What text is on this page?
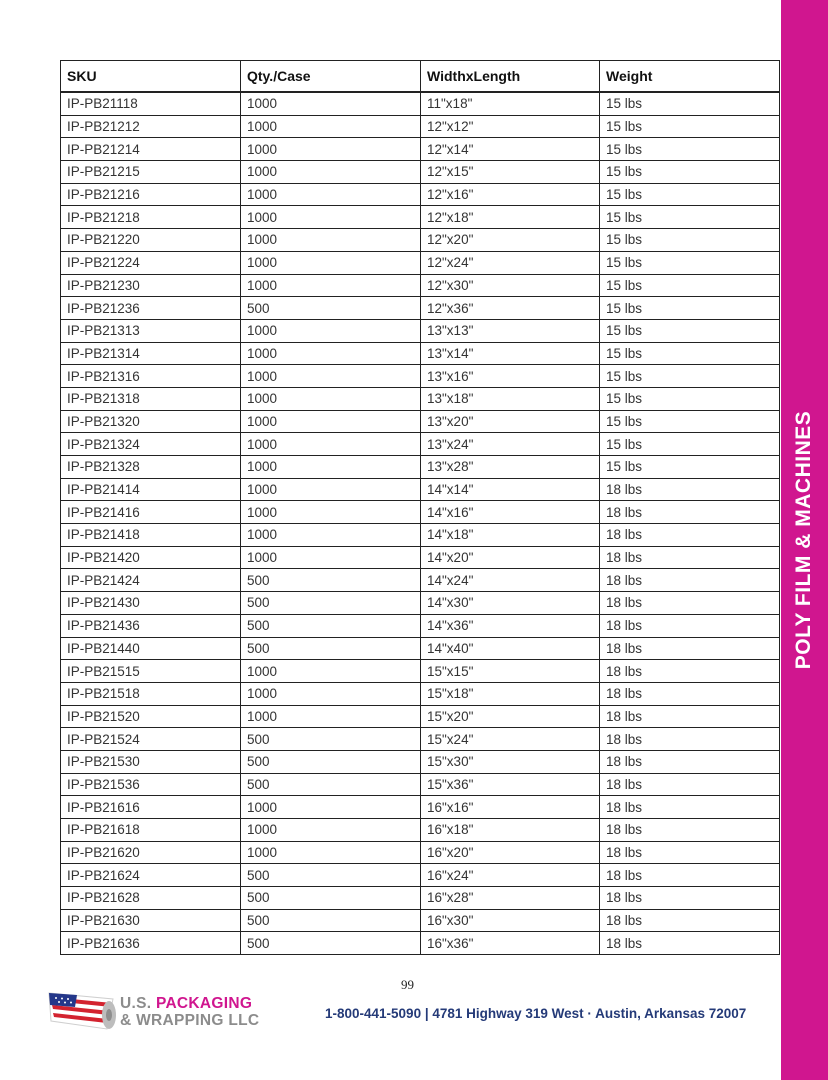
POLY FILM & MACHINES
SKU	Qty./Case	WidthxLength	Weight
IP-PB21118	1000	11"x18"	15 lbs
IP-PB21212	1000	12"x12"	15 lbs
IP-PB21214	1000	12"x14"	15 lbs
IP-PB21215	1000	12"x15"	15 lbs
IP-PB21216	1000	12"x16"	15 lbs
IP-PB21218	1000	12"x18"	15 lbs
IP-PB21220	1000	12"x20"	15 lbs
IP-PB21224	1000	12"x24"	15 lbs
IP-PB21230	1000	12"x30"	15 lbs
IP-PB21236	500	12"x36"	15 lbs
IP-PB21313	1000	13"x13"	15 lbs
IP-PB21314	1000	13"x14"	15 lbs
IP-PB21316	1000	13"x16"	15 lbs
IP-PB21318	1000	13"x18"	15 lbs
IP-PB21320	1000	13"x20"	15 lbs
IP-PB21324	1000	13"x24"	15 lbs
IP-PB21328	1000	13"x28"	15 lbs
IP-PB21414	1000	14"x14"	18 lbs
IP-PB21416	1000	14"x16"	18 lbs
IP-PB21418	1000	14"x18"	18 lbs
IP-PB21420	1000	14"x20"	18 lbs
IP-PB21424	500	14"x24"	18 lbs
IP-PB21430	500	14"x30"	18 lbs
IP-PB21436	500	14"x36"	18 lbs
IP-PB21440	500	14"x40"	18 lbs
IP-PB21515	1000	15"x15"	18 lbs
IP-PB21518	1000	15"x18"	18 lbs
IP-PB21520	1000	15"x20"	18 lbs
IP-PB21524	500	15"x24"	18 lbs
IP-PB21530	500	15"x30"	18 lbs
IP-PB21536	500	15"x36"	18 lbs
IP-PB21616	1000	16"x16"	18 lbs
IP-PB21618	1000	16"x18"	18 lbs
IP-PB21620	1000	16"x20"	18 lbs
IP-PB21624	500	16"x24"	18 lbs
IP-PB21628	500	16"x28"	18 lbs
IP-PB21630	500	16"x30"	18 lbs
IP-PB21636	500	16"x36"	18 lbs
99
U.S. PACKAGING
& WRAPPING LLC	1-800-441-5090 | 4781 Highway 319 West · Austin, Arkansas 72007
